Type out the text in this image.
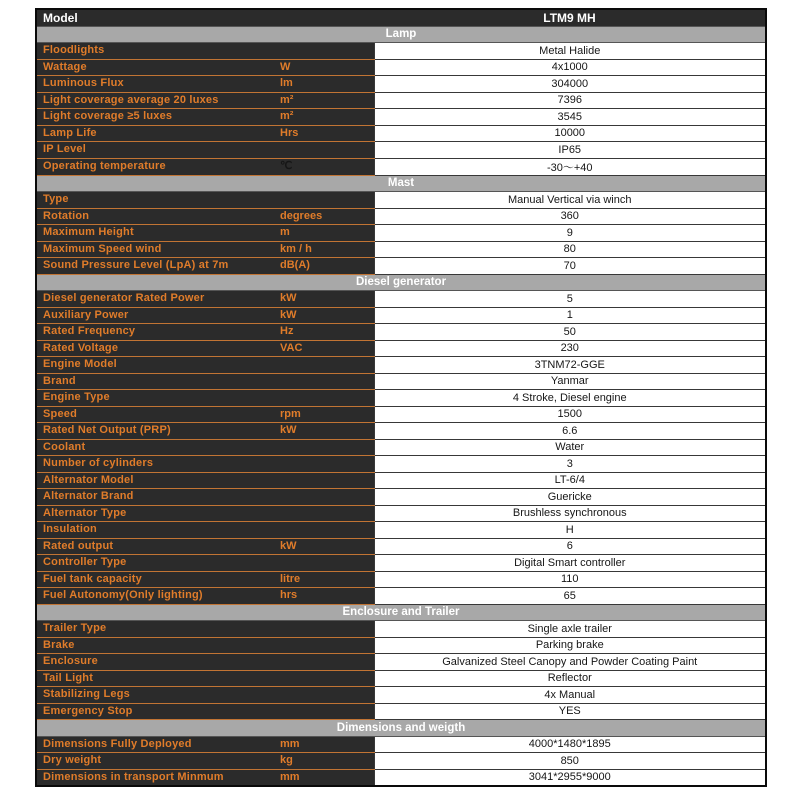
Model	LTM9 MH
Lamp	

Floodlights	Metal Halide

Wattage W	4x1000

Luminous Flux lm	304000

Light coverage average 20 luxes m²	7396

Light coverage ≥5 luxes m²	3545

Lamp Life Hrs	10000

IP Level	IP65

Operating temperature ℃	-30～+40
Mast	

Type	Manual Vertical via winch

Rotation degrees	360

Maximum Height m	9

Maximum Speed wind km / h	80

Sound Pressure Level (LpA) at 7m dB(A)	70
Diesel generator	

Diesel generator Rated Power kW	5

Auxiliary Power kW	1

Rated Frequency Hz	50

Rated Voltage VAC	230

Engine Model	3TNM72-GGE

Brand	Yanmar

Engine Type	4 Stroke, Diesel engine

Speed rpm	1500

Rated Net Output (PRP) kW	6.6

Coolant	Water

Number of cylinders	3

Alternator Model	LT-6/4

Alternator Brand	Guericke

Alternator Type	Brushless synchronous

Insulation	H

Rated output kW	6

Controller Type	Digital Smart controller

Fuel tank capacity litre	110

Fuel Autonomy(Only lighting) hrs	65
Enclosure and Trailer	

Trailer Type	Single axle trailer

Brake	Parking brake

Enclosure	Galvanized Steel Canopy and Powder Coating Paint

Tail Light	Reflector

Stabilizing Legs	4x Manual

Emergency Stop	YES
Dimensions and weigth	

Dimensions Fully Deployed mm	4000*1480*1895

Dry weight kg	850

Dimensions in transport Minmum mm	3041*2955*9000
